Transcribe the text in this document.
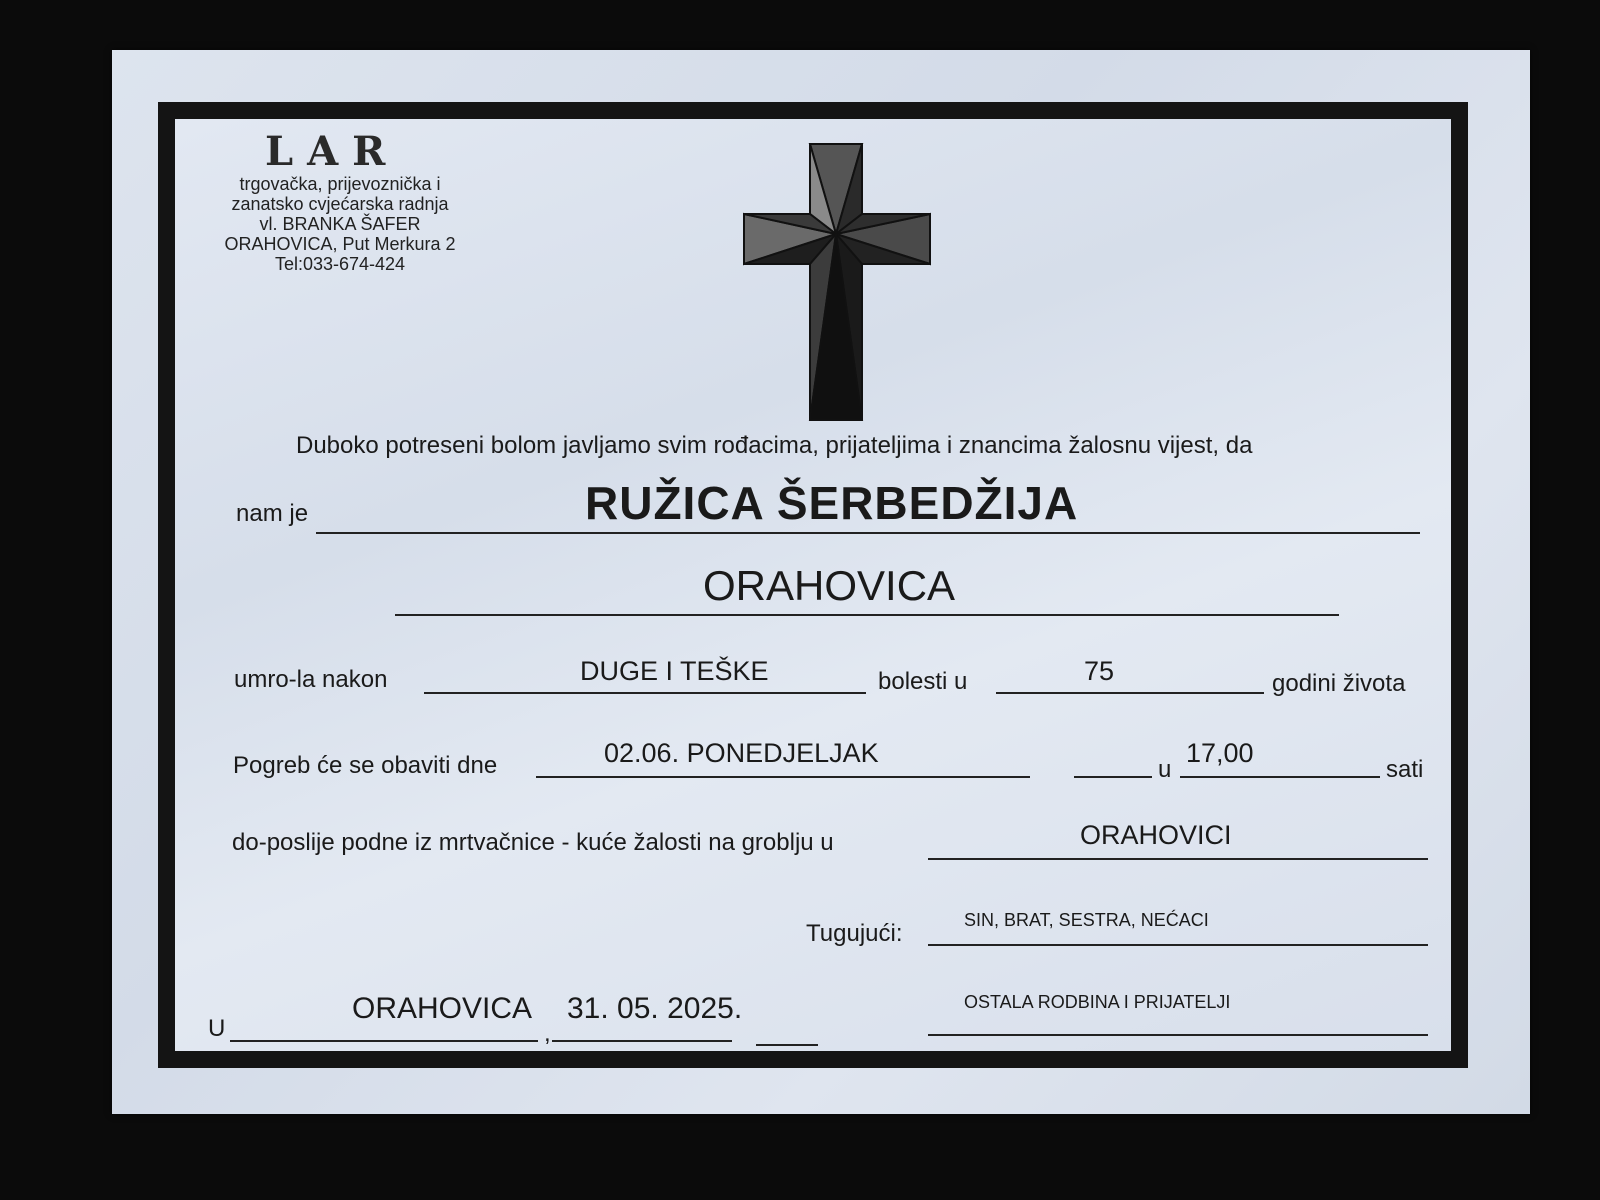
LAR
trgovačka, prijevoznička i
zanatsko cvjećarska radnja
vl. BRANKA ŠAFER
ORAHOVICA, Put Merkura 2
Tel:033-674-424
Duboko potreseni bolom javljamo svim rođacima, prijateljima i znancima žalosnu vijest, da
nam je	RUŽICA ŠERBEDŽIJA
ORAHOVICA
umro-la nakon	DUGE I TEŠKE	bolesti u	75	godini života
Pogreb će se obaviti dne	02.06. PONEDJELJAK
u
17,00
sati
do-poslije podne iz mrtvačnice - kuće žalosti na groblju u	ORAHOVICI
Tugujući:	SIN, BRAT, SESTRA, NEĆACI
OSTALA RODBINA I PRIJATELJI
U
ORAHOVICA
,
31. 05. 2025.
